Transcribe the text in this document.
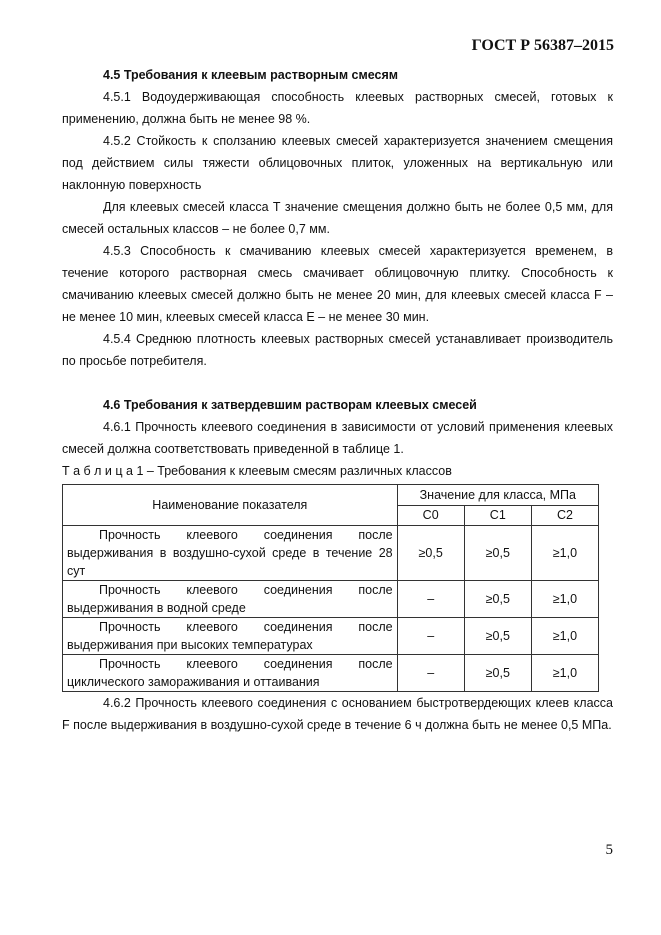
ГОСТ Р 56387–2015

4.5 Требования к клеевым растворным смесям

4.5.1 Водоудерживающая способность клеевых растворных смесей, готовых к применению, должна быть не менее 98 %.

4.5.2 Стойкость к сползанию клеевых смесей характеризуется значением смещения под действием силы тяжести облицовочных плиток, уложенных на вертикальную или наклонную поверхность

Для клеевых смесей класса Т значение смещения должно быть не более 0,5 мм, для смесей остальных классов – не более 0,7 мм.

4.5.3 Способность к смачиванию клеевых смесей характеризуется временем, в течение которого растворная смесь смачивает облицовочную плитку. Способность к смачиванию клеевых смесей должно быть не менее 20 мин, для клеевых смесей класса F – не менее 10 мин, клеевых смесей класса Е – не менее 30 мин.

4.5.4 Среднюю плотность клеевых растворных смесей устанавливает производитель по просьбе потребителя.

4.6 Требования к затвердевшим растворам клеевых смесей

4.6.1 Прочность клеевого соединения в зависимости от условий применения клеевых смесей должна соответствовать приведенной в таблице 1.

Т а б л и ц а 1 – Требования к клеевым смесям различных классов

Наименование показателя	Значение для класса, МПа		
	С0	С1	С2
Прочность клеевого соединения после выдерживания в воздушно-сухой среде в течение 28 сут	≥0,5	≥0,5	≥1,0
Прочность клеевого соединения после выдерживания в водной среде	–	≥0,5	≥1,0
Прочность клеевого соединения после выдерживания при высоких температурах	–	≥0,5	≥1,0
Прочность клеевого соединения после циклического замораживания и оттаивания	–	≥0,5	≥1,0

4.6.2 Прочность клеевого соединения с основанием быстротвердеющих клеев класса F после выдерживания в воздушно-сухой среде в течение 6 ч должна быть не менее 0,5 МПа.

5
